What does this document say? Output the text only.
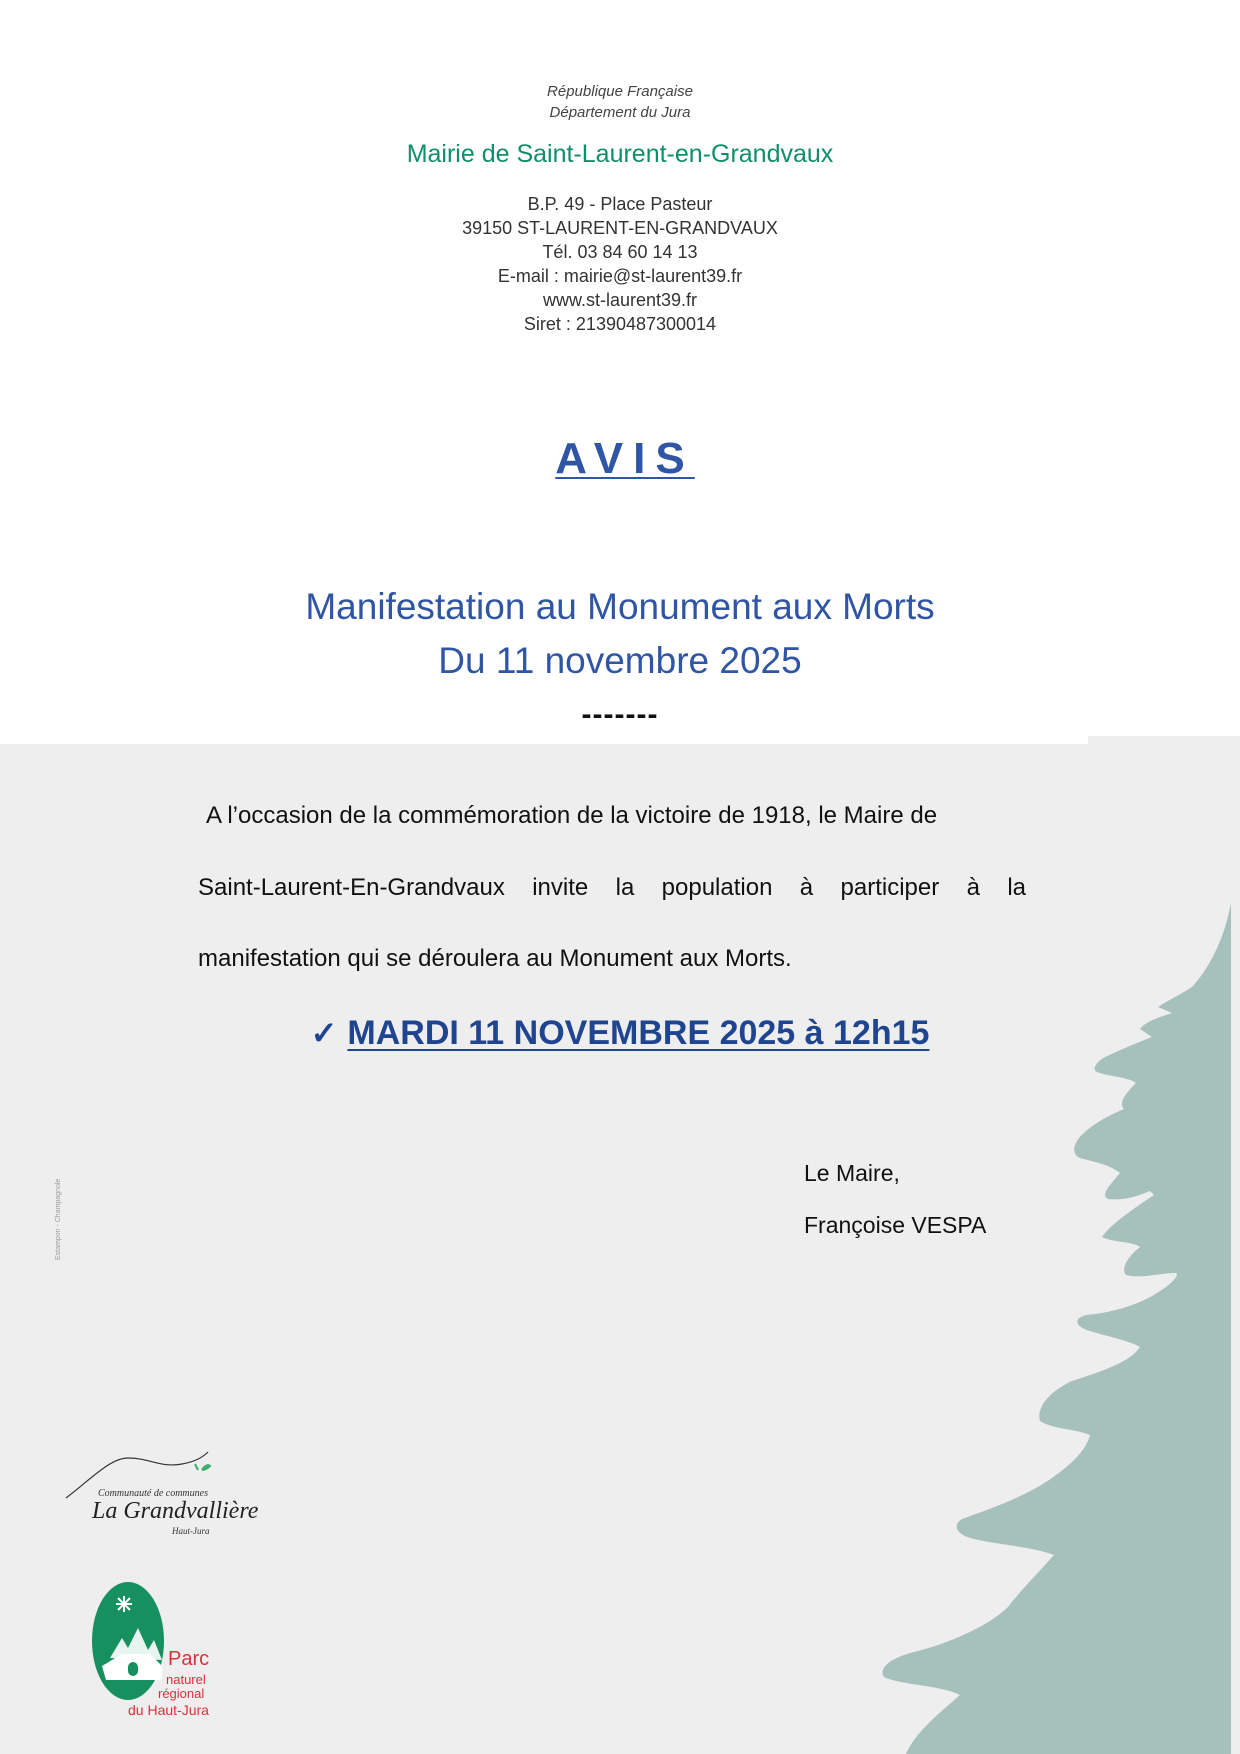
République Française
Département du Jura
Mairie de Saint-Laurent-en-Grandvaux
B.P. 49 - Place Pasteur
39150 ST-LAURENT-EN-GRANDVAUX
Tél. 03 84 60 14 13
E-mail : mairie@st-laurent39.fr
www.st-laurent39.fr
Siret : 21390487300014
AVIS
Manifestation au Monument aux Morts
Du 11 novembre 2025
-------
A l’occasion de la commémoration de la victoire de 1918, le Maire de
Saint-Laurent-En-Grandvaux invite la population à participer à la
manifestation qui se déroulera au Monument aux Morts.
✓ MARDI 11 NOVEMBRE 2025 à 12h15
Le Maire,
Françoise VESPA
Estampon - Champagnole
Communauté de communes
La Grandvallière
Haut-Jura
Parc
naturel
régional
du Haut-Jura
